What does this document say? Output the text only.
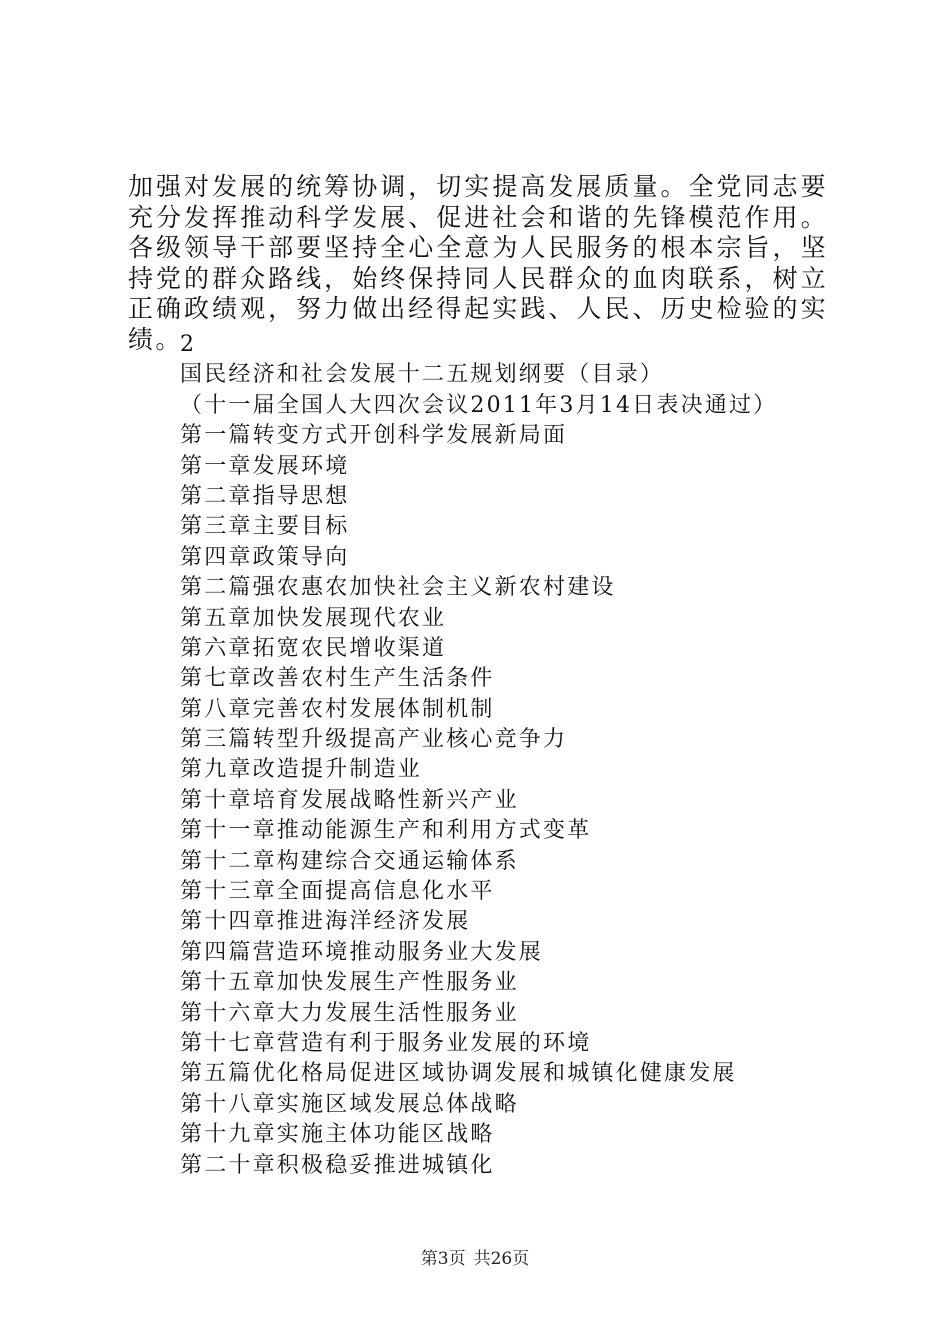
加强对发展的统筹协调，切实提高发展质量。全党同志要充分发挥推动科学发展、促进社会和谐的先锋模范作用。各级领导干部要坚持全心全意为人民服务的根本宗旨，坚持党的群众路线，始终保持同人民群众的血肉联系，树立正确政绩观，努力做出经得起实践、人民、历史检验的实绩。

2
国民经济和社会发展十二五规划纲要（目录）
（十一届全国人大四次会议2011年3月14日表决通过）
第一篇转变方式开创科学发展新局面
第一章发展环境
第二章指导思想
第三章主要目标
第四章政策导向
第二篇强农惠农加快社会主义新农村建设
第五章加快发展现代农业
第六章拓宽农民增收渠道
第七章改善农村生产生活条件
第八章完善农村发展体制机制
第三篇转型升级提高产业核心竞争力
第九章改造提升制造业
第十章培育发展战略性新兴产业
第十一章推动能源生产和利用方式变革
第十二章构建综合交通运输体系
第十三章全面提高信息化水平
第十四章推进海洋经济发展
第四篇营造环境推动服务业大发展
第十五章加快发展生产性服务业
第十六章大力发展生活性服务业
第十七章营造有利于服务业发展的环境
第五篇优化格局促进区域协调发展和城镇化健康发展
第十八章实施区域发展总体战略
第十九章实施主体功能区战略
第二十章积极稳妥推进城镇化
第3页 共26页
